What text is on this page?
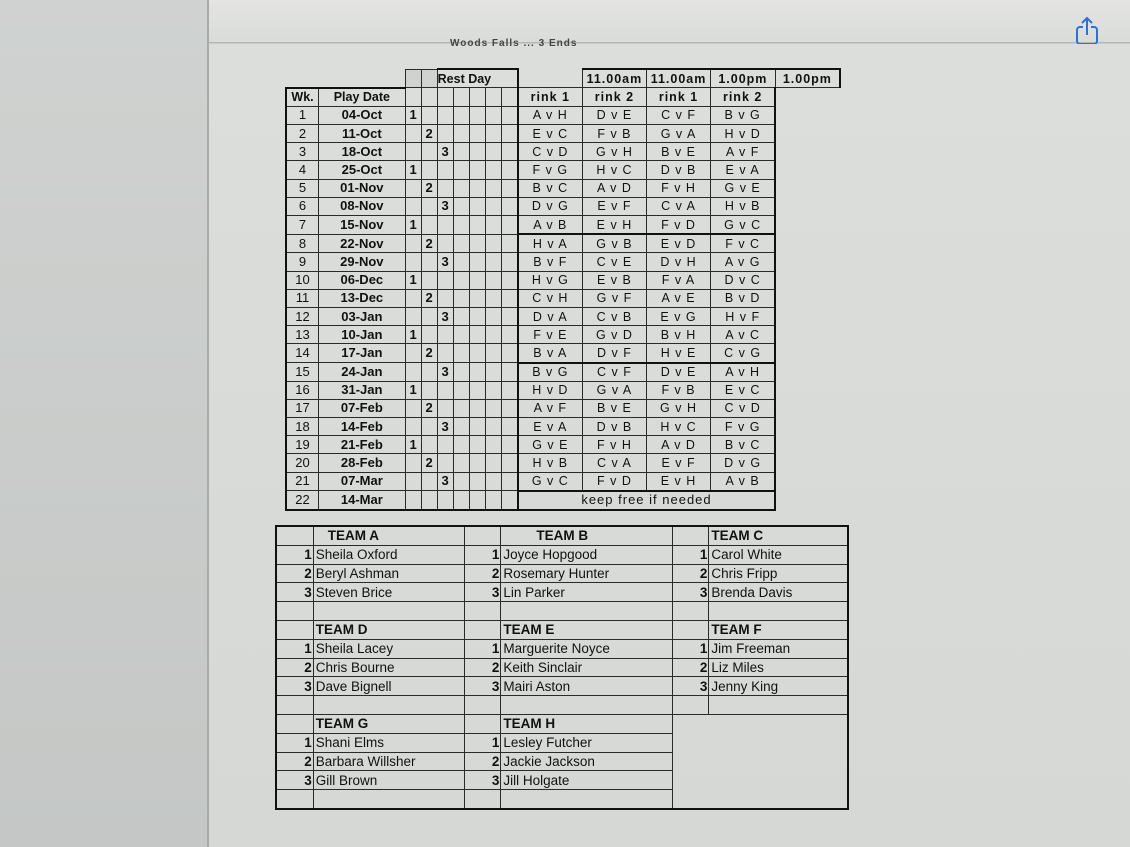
Woods Falls ... 3 Ends
				Rest Day						11.00am	11.00am	1.00pm	1.00pm
Wk.	Play Date								rink 1	rink 2	rink 1	rink 2	
1	04-Oct	1							A v H	D v E	C v F	B v G	
2	11-Oct		2						E v C	F v B	G v A	H v D	
3	18-Oct			3					C v D	G v H	B v E	A v F	
4	25-Oct	1							F v G	H v C	D v B	E v A	
5	01-Nov		2						B v C	A v D	F v H	G v E	
6	08-Nov			3					D v G	E v F	C v A	H v B	
7	15-Nov	1							A v B	E v H	F v D	G v C	
8	22-Nov		2						H v A	G v B	E v D	F v C	
9	29-Nov			3					B v F	C v E	D v H	A v G	
10	06-Dec	1							H v G	E v B	F v A	D v C	
11	13-Dec		2						C v H	G v F	A v E	B v D	
12	03-Jan			3					D v A	C v B	E v G	H v F	
13	10-Jan	1							F v E	G v D	B v H	A v C	
14	17-Jan		2						B v A	D v F	H v E	C v G	
15	24-Jan			3					B v G	C v F	D v E	A v H	
16	31-Jan	1							H v D	G v A	F v B	E v C	
17	07-Feb		2						A v F	B v E	G v H	C v D	
18	14-Feb			3					E v A	D v B	H v C	F v G	
19	21-Feb	1							G v E	F v H	A v D	B v C	
20	28-Feb		2						H v B	C v A	E v F	D v G	
21	07-Mar			3					G v C	F v D	E v H	A v B	
22	14-Mar								keep free if needed				
	TEAM A		TEAM B		TEAM C
1	Sheila Oxford	1	Joyce Hopgood	1	Carol White
2	Beryl Ashman	2	Rosemary Hunter	2	Chris Fripp
3	Steven Brice	3	Lin Parker	3	Brenda Davis

	TEAM D		TEAM E		TEAM F
1	Sheila Lacey	1	Marguerite Noyce	1	Jim Freeman
2	Chris Bourne	2	Keith Sinclair	2	Liz Miles
3	Dave Bignell	3	Mairi Aston	3	Jenny King

	TEAM G		TEAM H		
1	Shani Elms	1	Lesley Futcher		
2	Barbara Willsher	2	Jackie Jackson		
3	Gill Brown	3	Jill Holgate		
